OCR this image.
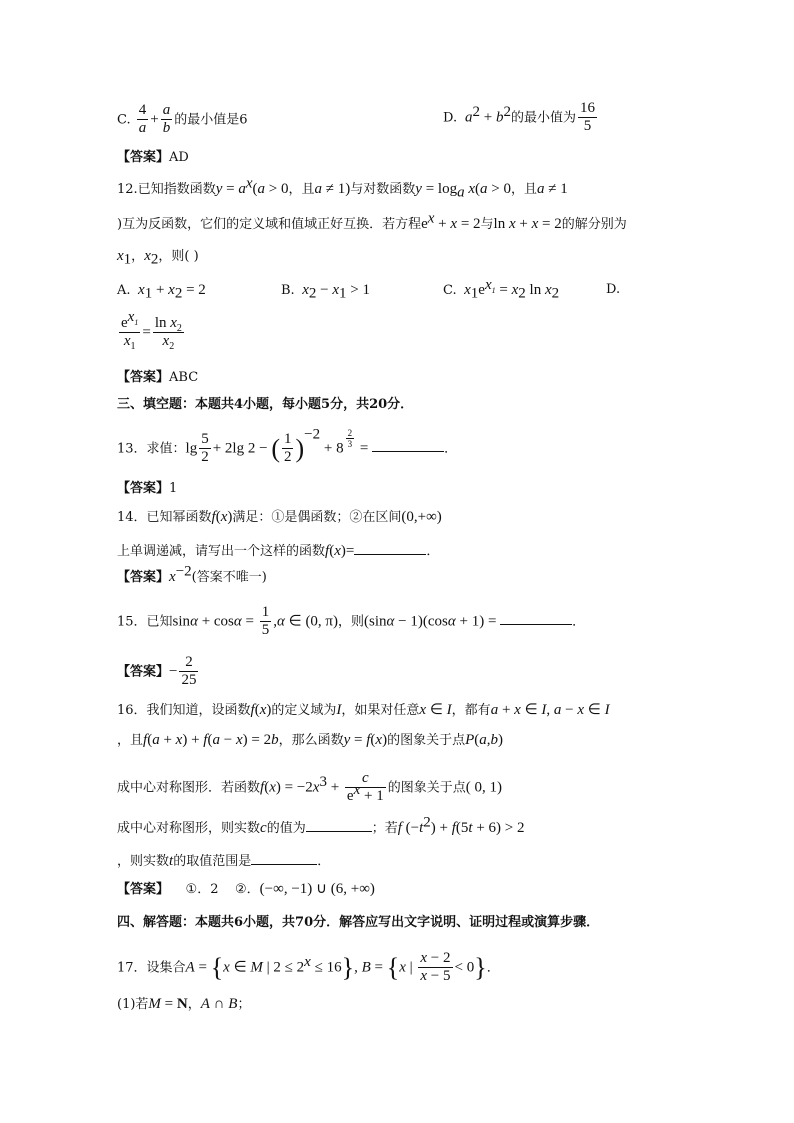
C. $\frac{4}{a} + \frac{a}{b}$ 的最小值是6	D.  $a^2 + b^2$的最小值为 $\frac{16}{5}$
【答案】AD
12.已知指数函数$y = a^x(a > 0$，且a ≠ 1)与对数函数$y = \log_a x(a > 0$，且a ≠ 1
)互为反函数，它们的定义域和值域正好互换．若方程$e^x + x = 2$与ln x + x = 2的解分别为
$x_1$，$x_2$，则( )
A.  $x_1 + x_2 = 2$	B.  $x_2 - x_1 > 1$	C.  $x_1e^{x_1} = x_2$ $\ln x_2$	D.
$\frac{e^{x_1}}{x_1} = \frac{\ln x_2}{x_2}$
【答案】ABC
三、填空题：本题共4小题，每小题5分，共20分．
13．求值：$\lg \frac{5}{2} + 2\lg$ 2 − ( $\frac{1}{2} )^{-2} + 8$ $^{\frac{2}{3}}$ =	．
【答案】1
14．已知幂函数f(x)满足：①是偶函数；②在区间(0,+∞)
上单调递减，请写出一个这样的函数f(x)=	．
【答案】$x^{-2}$(答案不唯一)
15．已知$\sin\alpha + \cos\alpha = \frac{1}{5} ,\alpha$ ∈ (0, π)，则(sinα − 1)(cosα + 1) =	．
【答案】− $\frac{2}{25}$
16．我们知道，设函数f(x)的定义域为I，如果对任意x ∈ I，都有a + x ∈ I, a − x ∈ I
，且f(a + x) + f(a − x) = 2b，那么函数y = f(x)的图象关于点P(a,b)
成中心对称图形．若函数$f(x) = -2x^3 + \frac{c}{e^x + 1}$ 的图象关于点( 0, 1)
成中心对称图形，则实数c的值为	；若f $(-t^2) + f(5t + 6) > 2$
，则实数t的取值范围是	．
【答案】 ①．2 ②．(−∞, −1) ∪ (6, +∞)
四、解答题：本题共6小题，共70分．解答应写出文字说明、证明过程或演算步骤．
17．设集合A = {x ∈ M | $2 \le 2^x \le 16$}, B = {x | $\frac{x - 2}{x - 5} < 0$}．
(1)若M = N，A ∩ B；
